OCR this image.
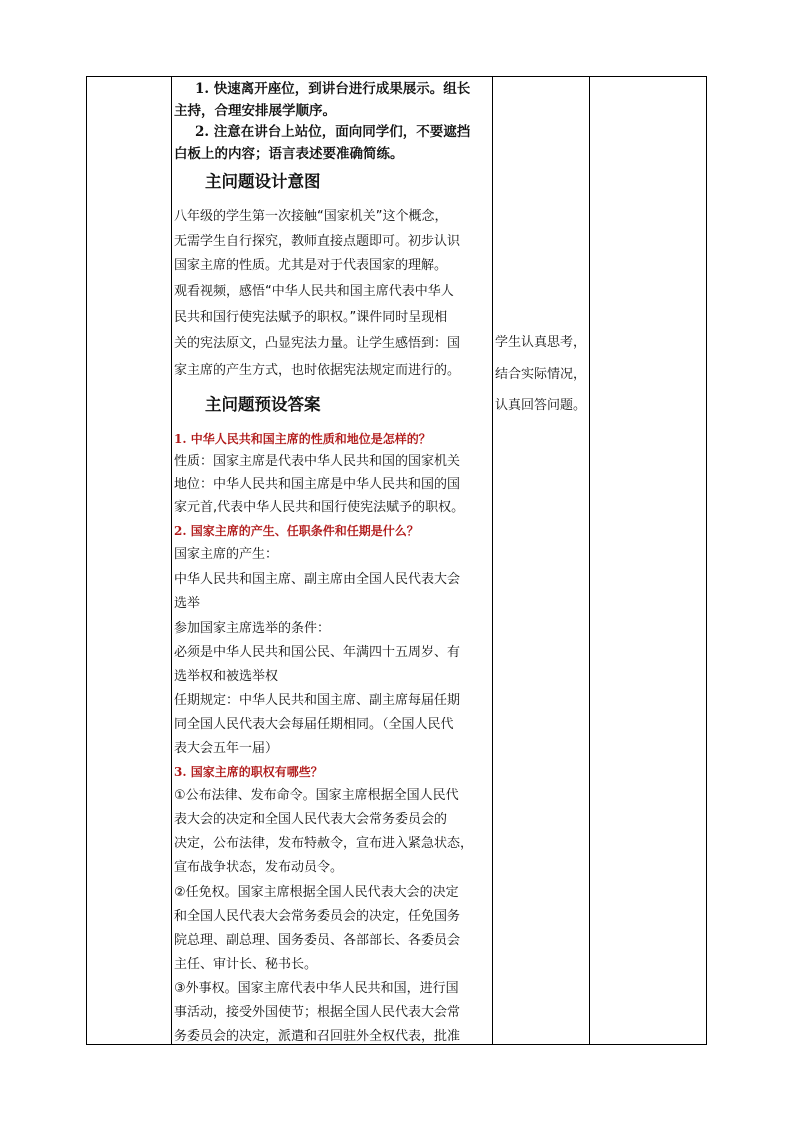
1. 快速离开座位，到讲台进行成果展示。组长
主持，合理安排展学顺序。
2. 注意在讲台上站位，面向同学们，不要遮挡
白板上的内容；语言表述要准确简练。
主问题设计意图
八年级的学生第一次接触“国家机关”这个概念，
无需学生自行探究，教师直接点题即可。初步认识
国家主席的性质。尤其是对于代表国家的理解。
观看视频，感悟“中华人民共和国主席代表中华人
民共和国行使宪法赋予的职权。”课件同时呈现相
关的宪法原文，凸显宪法力量。让学生感悟到：国
家主席的产生方式，也时依据宪法规定而进行的。
主问题预设答案
1. 中华人民共和国主席的性质和地位是怎样的？
性质：国家主席是代表中华人民共和国的国家机关
地位：中华人民共和国主席是中华人民共和国的国
家元首,代表中华人民共和国行使宪法赋予的职权。
2. 国家主席的产生、任职条件和任期是什么？
国家主席的产生：
中华人民共和国主席、副主席由全国人民代表大会
选举
参加国家主席选举的条件：
必须是中华人民共和国公民、年满四十五周岁、有
选举权和被选举权
任期规定：中华人民共和国主席、副主席每届任期
同全国人民代表大会每届任期相同。（全国人民代
表大会五年一届）
3. 国家主席的职权有哪些？
①公布法律、发布命令。国家主席根据全国人民代
表大会的决定和全国人民代表大会常务委员会的
决定，公布法律，发布特赦令，宣布进入紧急状态，
宣布战争状态，发布动员令。
②任免权。国家主席根据全国人民代表大会的决定
和全国人民代表大会常务委员会的决定，任免国务
院总理、副总理、国务委员、各部部长、各委员会
主任、审计长、秘书长。
③外事权。国家主席代表中华人民共和国，进行国
事活动，接受外国使节；根据全国人民代表大会常
务委员会的决定，派遣和召回驻外全权代表，批准
学生认真思考，
结合实际情况，
认真回答问题。
